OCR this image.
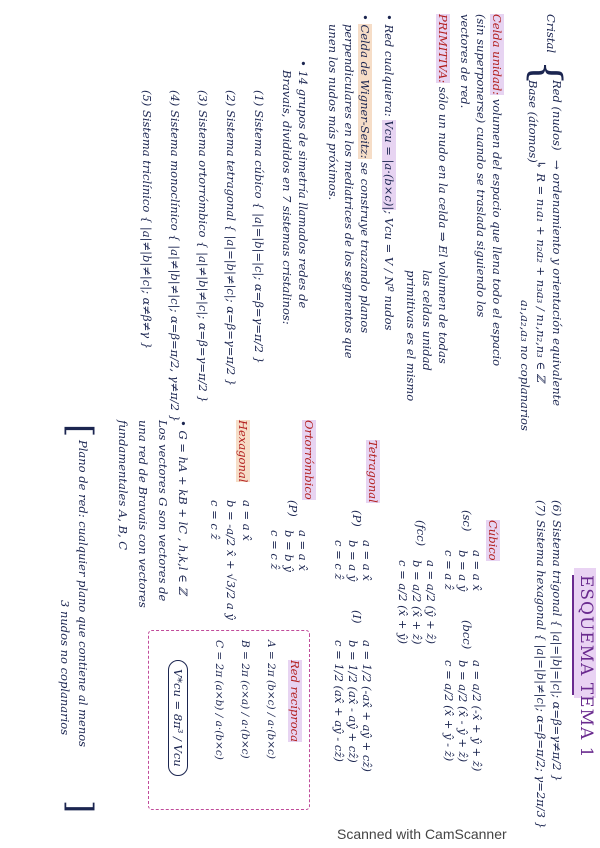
ESQUEMA TEMA 1
Cristal
{
Red (nudos)
→ ordenamiento y orientación equivalente
↳ R = n₁a₁ + n₂a₂ + n₃a₃ / n₁,n₂,n₃ ∈ ℤ
a₁,a₂,a₃ no coplanarios
Base (átomos)
Celda unidad: volumen del espacio que llena todo el espacio
(sin superponerse) cuando se traslada siguiendo los
vectores de red.
PRIMITIVA: sólo un nudo en la celda ⇒ El volumen de todas
las celdas unidad
primitivas es el mismo
• Red cualquiera: Vcu = |a·(b×c)|; Vcu = V / Nº nudos
• Celda de Wigner-Seitz: se construye trazando planos
perpendiculares en los mediatrices de los segmentos que
unen los nudos más próximos.
• 14 grupos de simetría llamados redes de
Bravais, divididos en 7 sistemas cristalinos:
(1) Sistema cúbico { |a|=|b|=|c|; α=β=γ=π/2 }
(2) Sistema tetragonal { |a|=|b|≠|c|; α=β=γ=π/2 }
(3) Sistema ortorrómbico { |a|≠|b|≠|c|; α=β=γ=π/2 }
(4) Sistema monoclínico { |a|≠|b|≠|c|; α=β=π/2, γ≠π/2 }
(5) Sistema triclínico { |a|≠|b|≠|c|; α≠β≠γ }
(6) Sistema trigonal { |a|=|b|=|c|; α=β=γ≠π/2 }
(7) Sistema hexagonal { |a|=|b|≠|c|; α=β=π/2; γ=2π/3 }
Cúbico
(sc)
a = a x̂
b = a ŷ
c = a ẑ
(bcc)
a = a/2 (-x̂ + ŷ + ẑ)
b = a/2 (x̂ - ŷ + ẑ)
c = a/2 (x̂ + ŷ - ẑ)
(fcc)
a = a/2 (ŷ + ẑ)
b = a/2 (x̂ + ẑ)
c = a/2 (x̂ + ŷ)
Tetragonal
(P)
a = a x̂
b = a ŷ
c = c ẑ
(I)
a = 1/2 (-ax̂ + aŷ + cẑ)
b = 1/2 (ax̂ - aŷ + cẑ)
c = 1/2 (ax̂ + aŷ - cẑ)
Ortorrómbico
(P)
a = a x̂
b = b ŷ
c = c ẑ
Hexagonal
a = a x̂
b = -a/2 x̂ + √3/2 a ŷ
c = c ẑ
Red recíproca
A = 2π (b×c) / a·(b×c)
B = 2π (c×a) / a·(b×c)
C = 2π (a×b) / a·(b×c)
V*cu = 8π³ / Vcu
• G = hA + kB + lC , h,k,l ∈ ℤ
Los vectores G son vectores de
una red de Bravais con vectores
fundamentales A, B, C
[
Plano de red: cualquier plano que contiene al menos
3 nudos no coplanarios
]
Scanned with CamScanner
